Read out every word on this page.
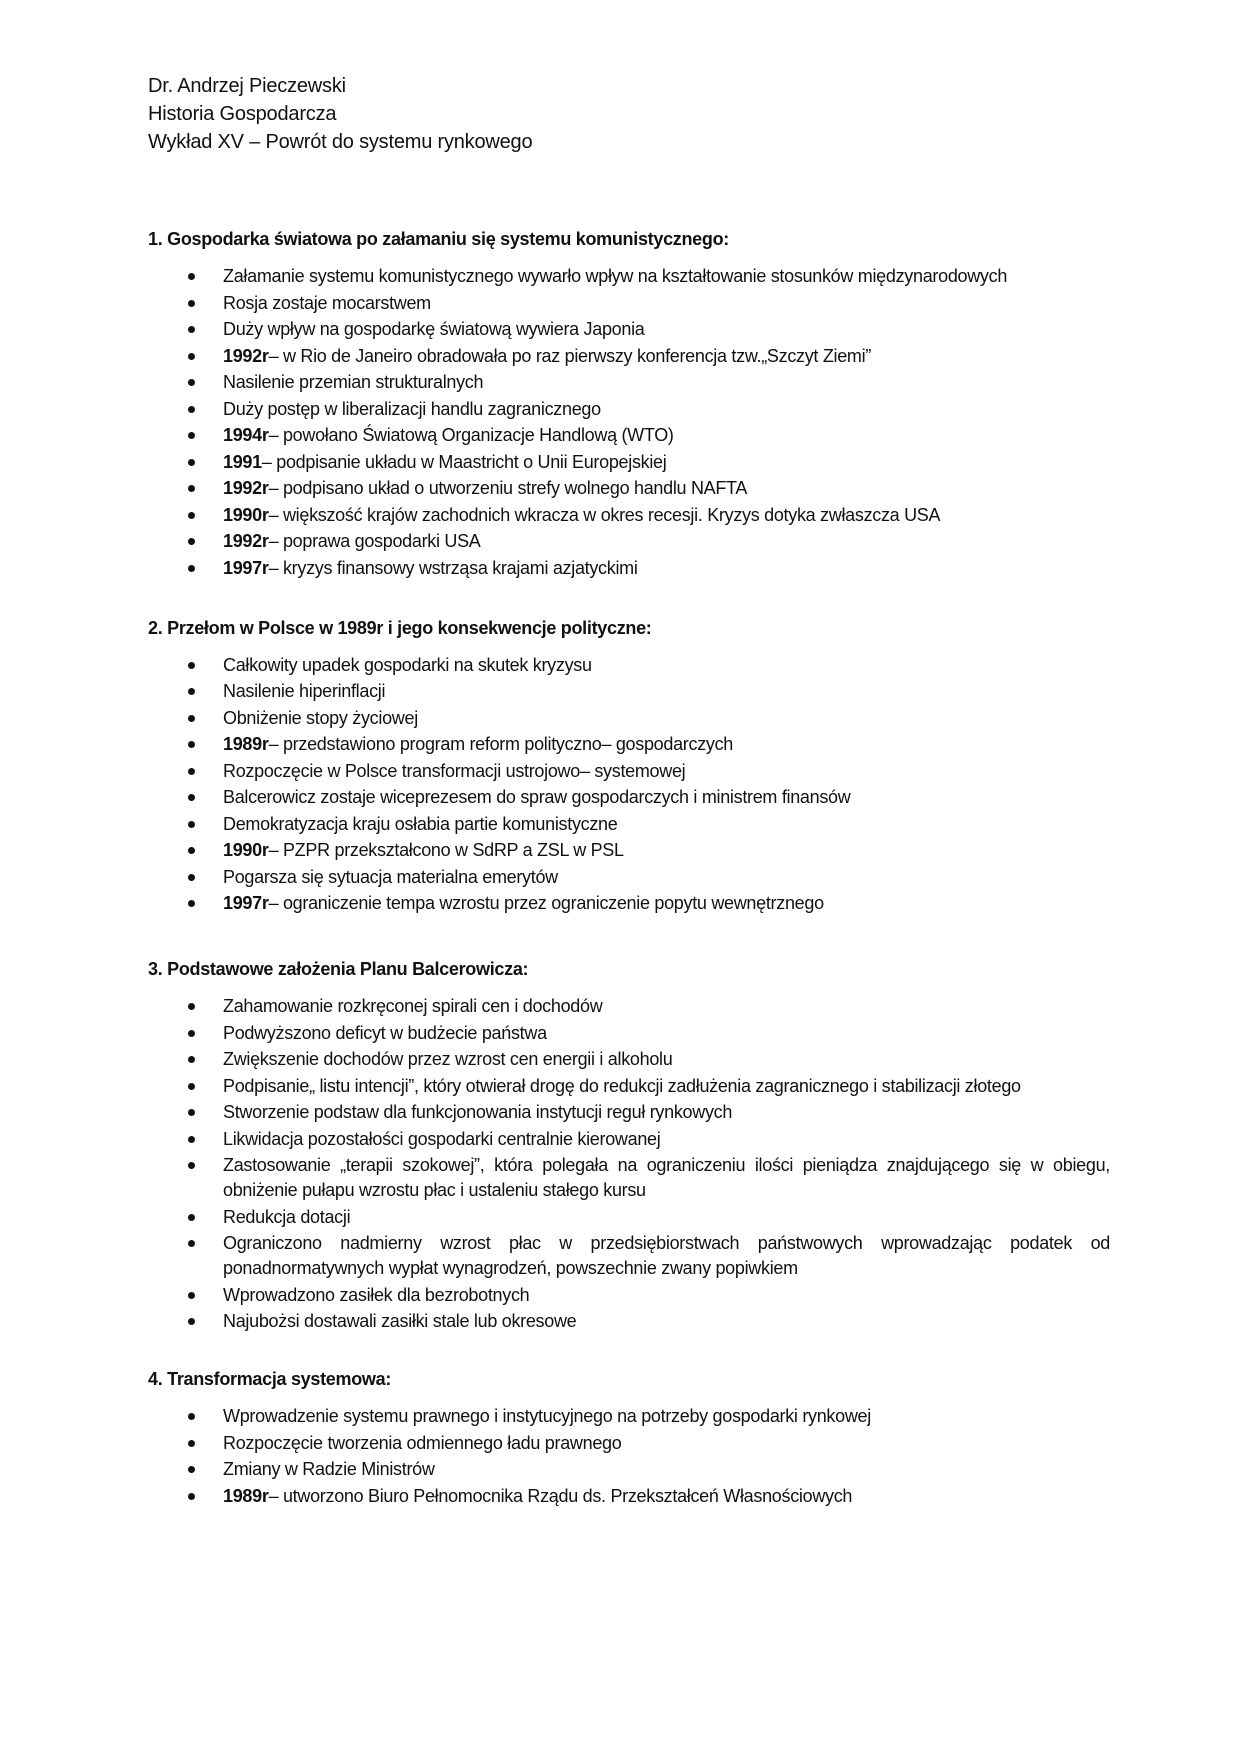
Dr. Andrzej Pieczewski
Historia Gospodarcza
Wykład XV – Powrót do systemu rynkowego
1. Gospodarka światowa po załamaniu się systemu komunistycznego:
Załamanie systemu komunistycznego wywarło wpływ na kształtowanie stosunków międzynarodowych
Rosja zostaje mocarstwem
Duży wpływ na gospodarkę światową wywiera Japonia
1992r– w Rio de Janeiro obradowała po raz pierwszy konferencja tzw.„Szczyt Ziemi”
Nasilenie przemian strukturalnych
Duży postęp w liberalizacji handlu zagranicznego
1994r– powołano Światową Organizacje Handlową (WTO)
1991– podpisanie układu w Maastricht o Unii Europejskiej
1992r– podpisano układ o utworzeniu strefy wolnego handlu NAFTA
1990r– większość krajów zachodnich wkracza w okres recesji. Kryzys dotyka zwłaszcza USA
1992r– poprawa gospodarki USA
1997r– kryzys finansowy wstrząsa krajami azjatyckimi
2. Przełom w Polsce w 1989r i jego konsekwencje polityczne:
Całkowity upadek gospodarki na skutek kryzysu
Nasilenie hiperinflacji
Obniżenie stopy życiowej
1989r– przedstawiono program reform polityczno– gospodarczych
Rozpoczęcie w Polsce transformacji ustrojowo– systemowej
Balcerowicz zostaje wiceprezesem do spraw gospodarczych i ministrem finansów
Demokratyzacja kraju osłabia partie komunistyczne
1990r– PZPR przekształcono w SdRP a ZSL w PSL
Pogarsza się sytuacja materialna emerytów
1997r– ograniczenie tempa wzrostu przez ograniczenie popytu wewnętrznego
3. Podstawowe założenia Planu Balcerowicza:
Zahamowanie rozkręconej spirali cen i dochodów
Podwyższono deficyt w budżecie państwa
Zwiększenie dochodów przez wzrost cen energii i alkoholu
Podpisanie„ listu intencji”, który otwierał drogę do redukcji zadłużenia zagranicznego i stabilizacji złotego
Stworzenie podstaw dla funkcjonowania instytucji reguł rynkowych
Likwidacja pozostałości gospodarki centralnie kierowanej
Zastosowanie „terapii szokowej”, która polegała na ograniczeniu ilości pieniądza znajdującego się w obiegu, obniżenie pułapu wzrostu płac i ustaleniu stałego kursu
Redukcja dotacji
Ograniczono nadmierny wzrost płac w przedsiębiorstwach państwowych wprowadzając podatek od ponadnormatywnych wypłat wynagrodzeń, powszechnie zwany popiwkiem
Wprowadzono zasiłek dla bezrobotnych
Najubożsi dostawali zasiłki stale lub okresowe
4. Transformacja systemowa:
Wprowadzenie systemu prawnego i instytucyjnego na potrzeby gospodarki rynkowej
Rozpoczęcie tworzenia odmiennego ładu prawnego
Zmiany w Radzie Ministrów
1989r– utworzono Biuro Pełnomocnika Rządu ds. Przekształceń Własnościowych
